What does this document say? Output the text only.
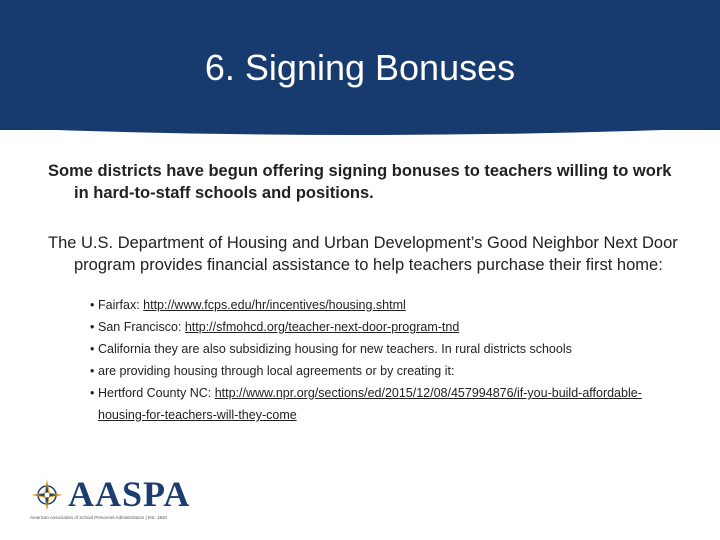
6. Signing Bonuses

Some districts have begun offering signing bonuses to teachers willing to work in hard-to-staff schools and positions.

The U.S. Department of Housing and Urban Development’s Good Neighbor Next Door program provides financial assistance to help teachers purchase their first home:

• Fairfax: http://www.fcps.edu/hr/incentives/housing.shtml
• San Francisco: http://sfmohcd.org/teacher-next-door-program-tnd
• California they are also subsidizing housing for new teachers. In rural districts schools
• are providing housing through local agreements or by creating it:
• Hertford County NC: http://www.npr.org/sections/ed/2015/12/08/457994876/if-you-build-affordable-housing-for-teachers-will-they-come
AASPA
American Association of School Personnel Administrators | Est. 1940
